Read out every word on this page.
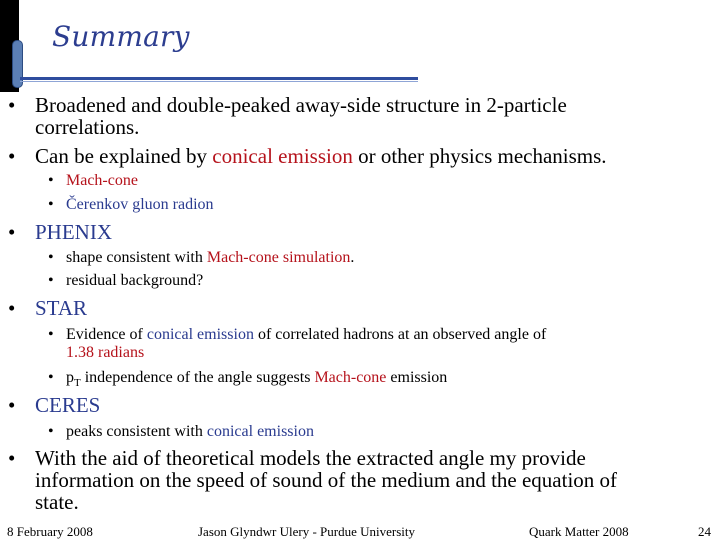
Summary
• Broadened and double-peaked away-side structure in 2-particle
correlations.
• Can be explained by conical emission or other physics mechanisms.
• Mach-cone
• Čerenkov gluon radion
• PHENIX
• shape consistent with Mach-cone simulation.
• residual background?
• STAR
• Evidence of conical emission of correlated hadrons at an observed angle of
1.38 radians
• $p_T$ independence of the angle suggests Mach-cone emission
• CERES
• peaks consistent with conical emission
• With the aid of theoretical models the extracted angle my provide
information on the speed of sound of the medium and the equation of
state.
8 February 2008	Jason Glyndwr Ulery - Purdue University	Quark Matter 2008	24
